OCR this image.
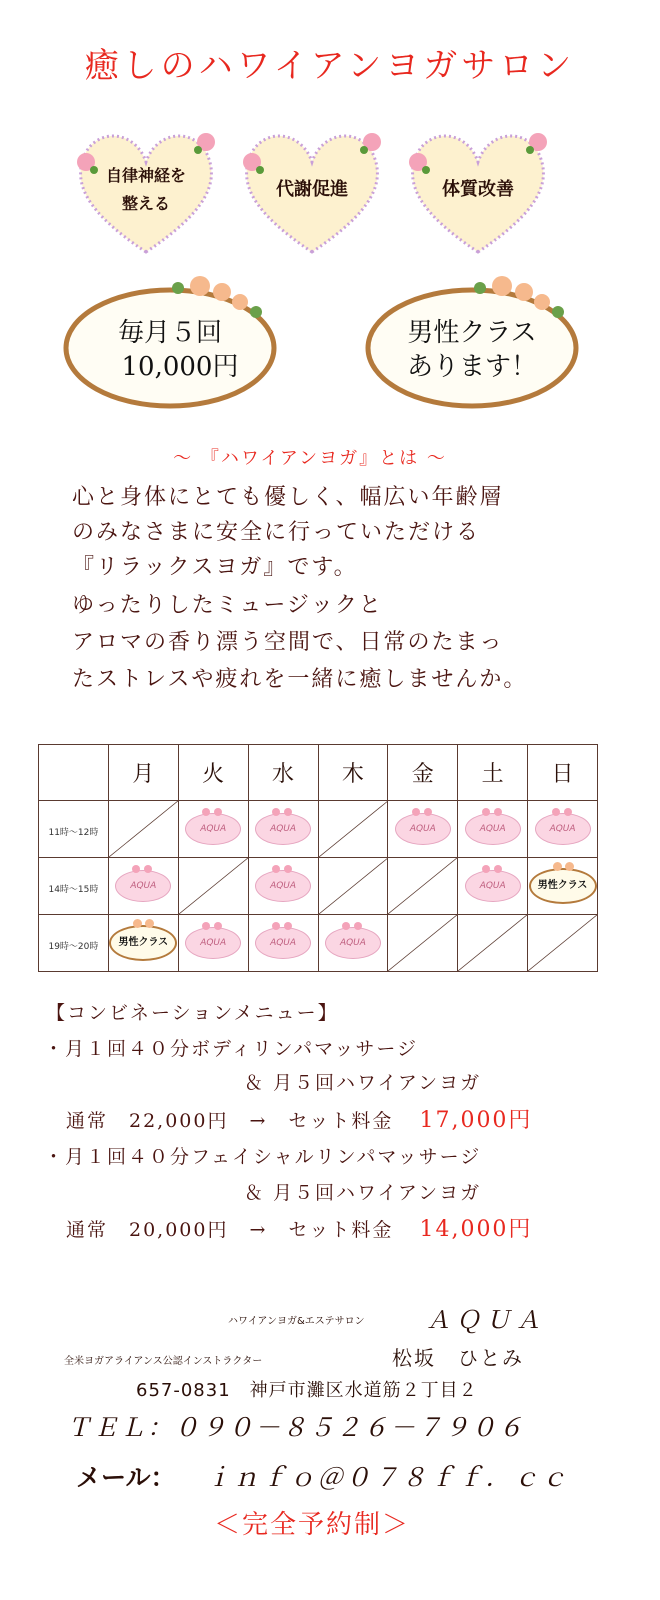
癒しのハワイアンヨガサロン
自律神経を
整える
代謝促進	体質改善
毎月５回
10,000円
男性クラス
あります！
～ 『ハワイアンヨガ』とは ～
心と身体にとても優しく、幅広い年齢層
のみなさまに安全に行っていただける
『リラックスヨガ』です。
ゆったりしたミュージックと
アロマの香り漂う空間で、日常のたまっ
たストレスや疲れを一緒に癒しませんか。
	月	火	水	木	金	土	日
11時～12時		AQUA	AQUA		AQUA	AQUA	AQUA
14時～15時	AQUA		AQUA			AQUA	男性クラス
19時～20時	男性クラス	AQUA	AQUA	AQUA	

【コンビネーションメニュー】
・月１回４０分ボディリンパマッサージ
＆ 月５回ハワイアンヨガ
通常　22,000円　→　セット料金 17,000円
・月１回４０分フェイシャルリンパマッサージ
＆ 月５回ハワイアンヨガ
通常　20,000円　→　セット料金 14,000円
ハワイアンヨガ&エステサロン	ＡＱＵＡ
全米ヨガアライアンス公認インストラクター	松坂　ひとみ
657-0831　神戸市灘区水道筋２丁目２
ＴＥＬ：０９０－８５２６－７９０６
メール： ｉｎｆｏ＠０７８ｆｆ．ｃｃ
＜完全予約制＞
